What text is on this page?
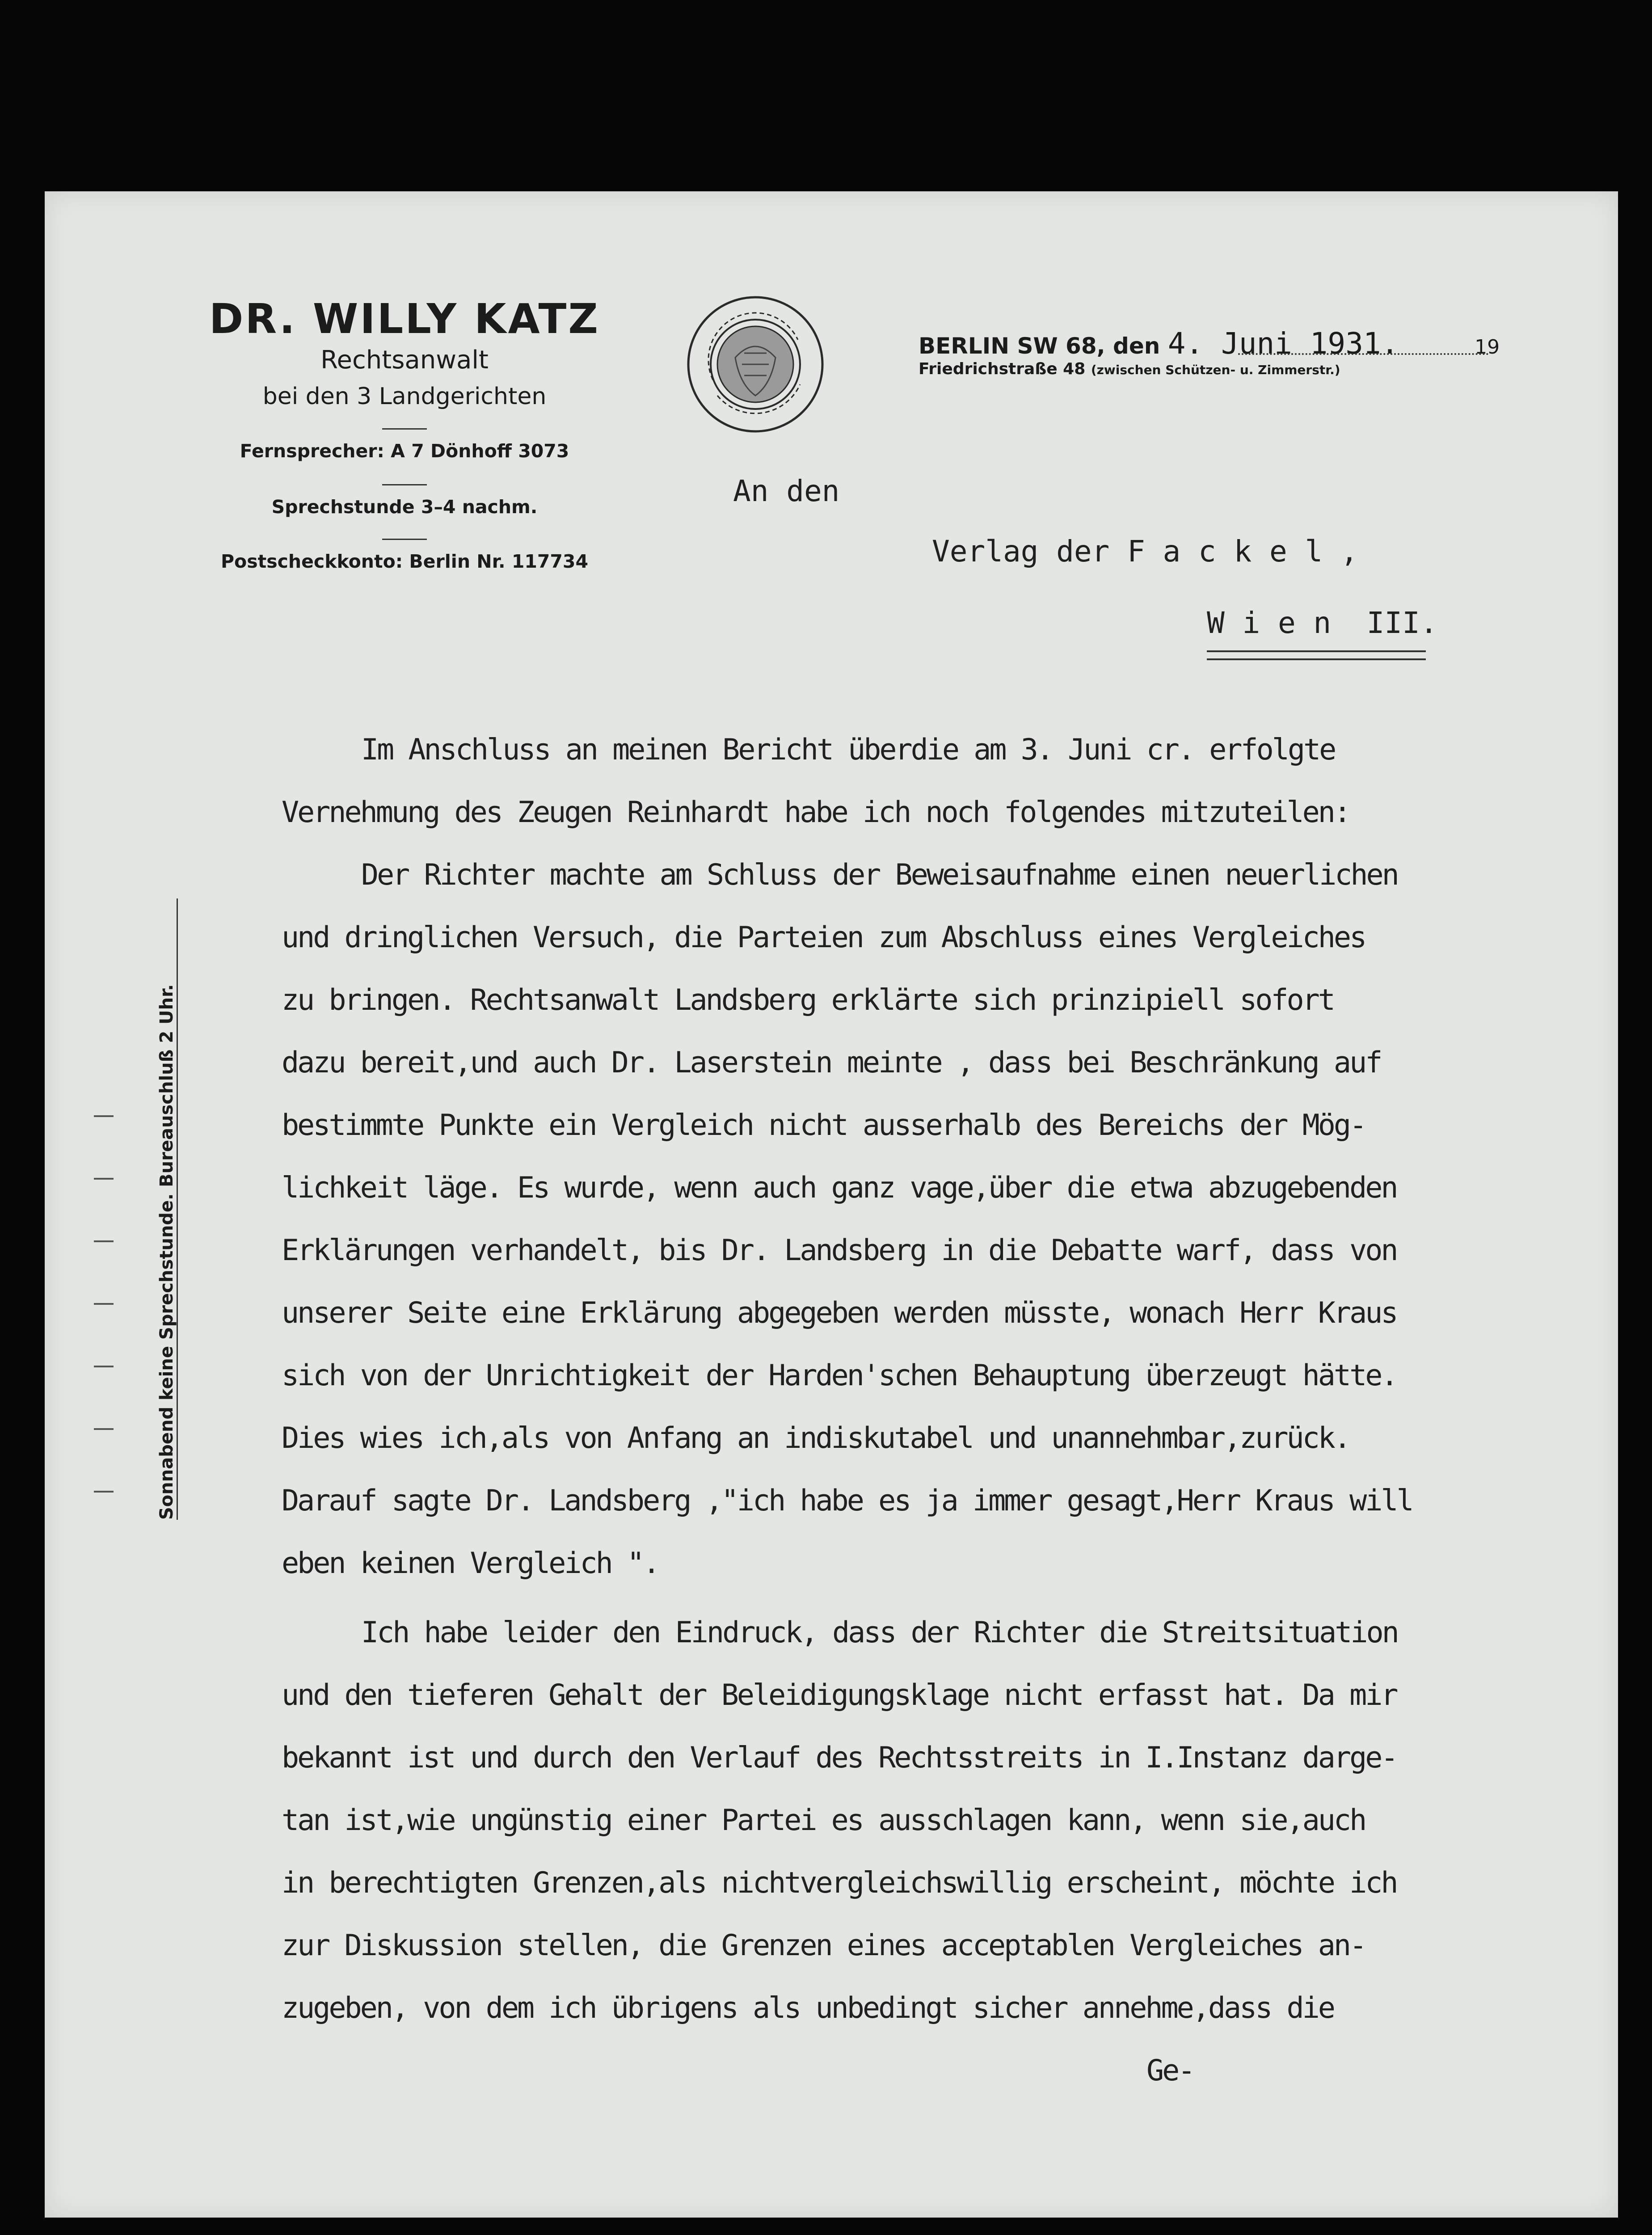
DR. WILLY KATZ
Rechtsanwalt
bei den 3 Landgerichten
Fernsprecher: A 7 Dönhoff 3073
Sprechstunde 3–4 nachm.
Postscheckkonto: Berlin Nr. 117734
BERLIN SW 68, den 4. Juni 1931.	19
Friedrichstraße 48 (zwischen Schützen- u. Zimmerstr.)
An den
Verlag der F a c k e l ,
W i e n  III.
Sonnabend keine Sprechstunde. Bureauschluß 2 Uhr.
Im Anschluss an meinen Bericht überdie am 3. Juni cr. erfolgte
Vernehmung des Zeugen Reinhardt habe ich noch folgendes mitzuteilen:
Der Richter machte am Schluss der Beweisaufnahme einen neuerlichen
und dringlichen Versuch, die Parteien zum Abschluss eines Vergleiches
zu bringen. Rechtsanwalt Landsberg erklärte sich prinzipiell sofort
dazu bereit,und auch Dr. Laserstein meinte , dass bei Beschränkung auf
bestimmte Punkte ein Vergleich nicht ausserhalb des Bereichs der Mög-
lichkeit läge. Es wurde, wenn auch ganz vage,über die etwa abzugebenden
Erklärungen verhandelt, bis Dr. Landsberg in die Debatte warf, dass von
unserer Seite eine Erklärung abgegeben werden müsste, wonach Herr Kraus
sich von der Unrichtigkeit der Harden'schen Behauptung überzeugt hätte.
Dies wies ich,als von Anfang an indiskutabel und unannehmbar,zurück.
Darauf sagte Dr. Landsberg ,"ich habe es ja immer gesagt,Herr Kraus will
eben keinen Vergleich ".
Ich habe leider den Eindruck, dass der Richter die Streitsituation
und den tieferen Gehalt der Beleidigungsklage nicht erfasst hat. Da mir
bekannt ist und durch den Verlauf des Rechtsstreits in I.Instanz darge-
tan ist,wie ungünstig einer Partei es ausschlagen kann, wenn sie,auch
in berechtigten Grenzen,als nichtvergleichswillig erscheint, möchte ich
zur Diskussion stellen, die Grenzen eines acceptablen Vergleiches an-
zugeben, von dem ich übrigens als unbedingt sicher annehme,dass die
Ge-
